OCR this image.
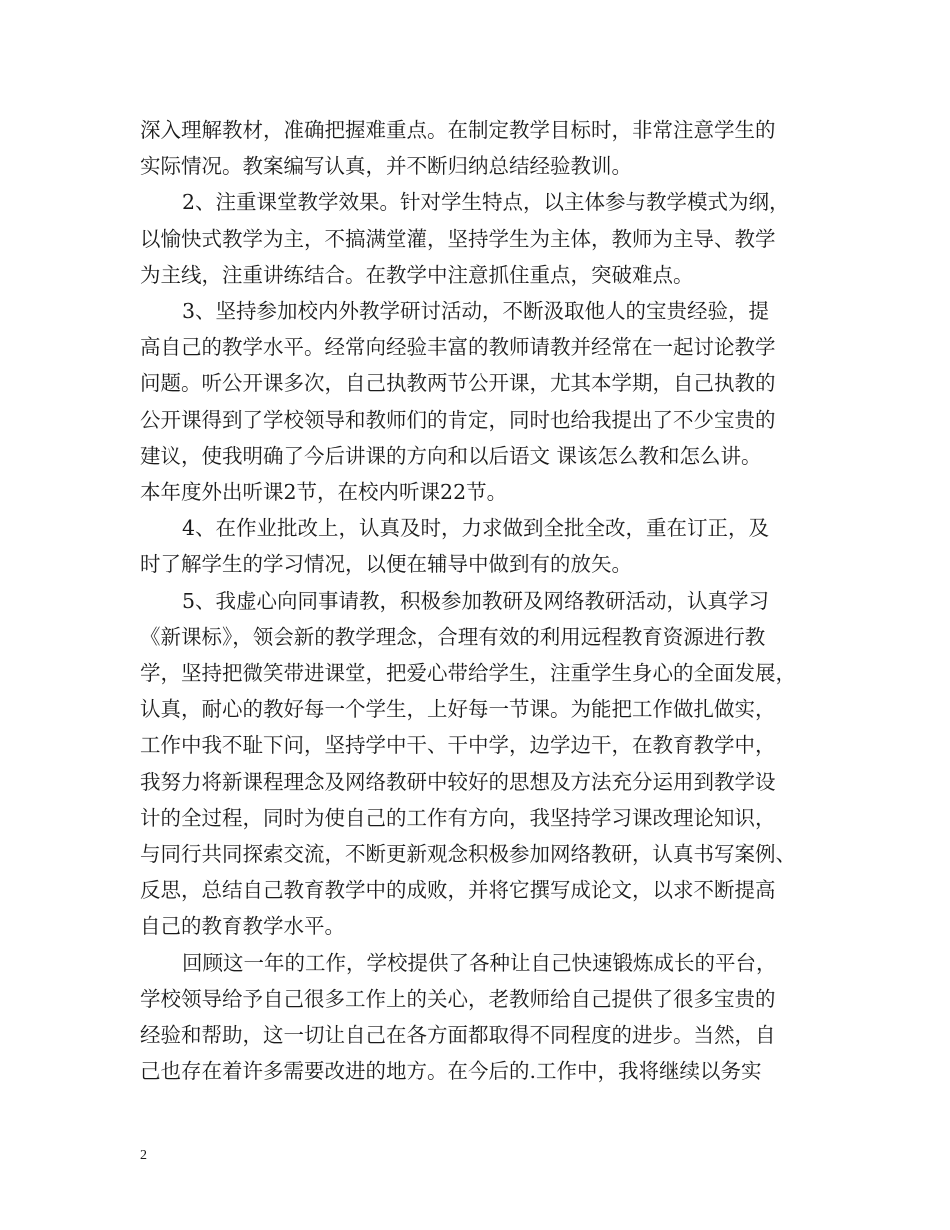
深入理解教材，准确把握难重点。在制定教学目标时，非常注意学生的
实际情况。教案编写认真，并不断归纳总结经验教训。
2、注重课堂教学效果。针对学生特点，以主体参与教学模式为纲，
以愉快式教学为主，不搞满堂灌，坚持学生为主体，教师为主导、教学
为主线，注重讲练结合。在教学中注意抓住重点，突破难点。
3、坚持参加校内外教学研讨活动，不断汲取他人的宝贵经验，提
高自己的教学水平。经常向经验丰富的教师请教并经常在一起讨论教学
问题。听公开课多次，自己执教两节公开课，尤其本学期，自己执教的
公开课得到了学校领导和教师们的肯定，同时也给我提出了不少宝贵的
建议，使我明确了今后讲课的方向和以后语文 课该怎么教和怎么讲。
本年度外出听课2节，在校内听课22节。
4、在作业批改上，认真及时，力求做到全批全改，重在订正，及
时了解学生的学习情况，以便在辅导中做到有的放矢。
5、我虚心向同事请教，积极参加教研及网络教研活动，认真学习
《新课标》，领会新的教学理念，合理有效的利用远程教育资源进行教
学，坚持把微笑带进课堂，把爱心带给学生，注重学生身心的全面发展，
认真，耐心的教好每一个学生，上好每一节课。为能把工作做扎做实，
工作中我不耻下问，坚持学中干、干中学，边学边干，在教育教学中，
我努力将新课程理念及网络教研中较好的思想及方法充分运用到教学设
计的全过程，同时为使自己的工作有方向，我坚持学习课改理论知识，
与同行共同探索交流，不断更新观念积极参加网络教研，认真书写案例、
反思，总结自己教育教学中的成败，并将它撰写成论文，以求不断提高
自己的教育教学水平。
回顾这一年的工作，学校提供了各种让自己快速锻炼成长的平台，
学校领导给予自己很多工作上的关心，老教师给自己提供了很多宝贵的
经验和帮助，这一切让自己在各方面都取得不同程度的进步。当然，自
己也存在着许多需要改进的地方。在今后的.工作中，我将继续以务实
2
